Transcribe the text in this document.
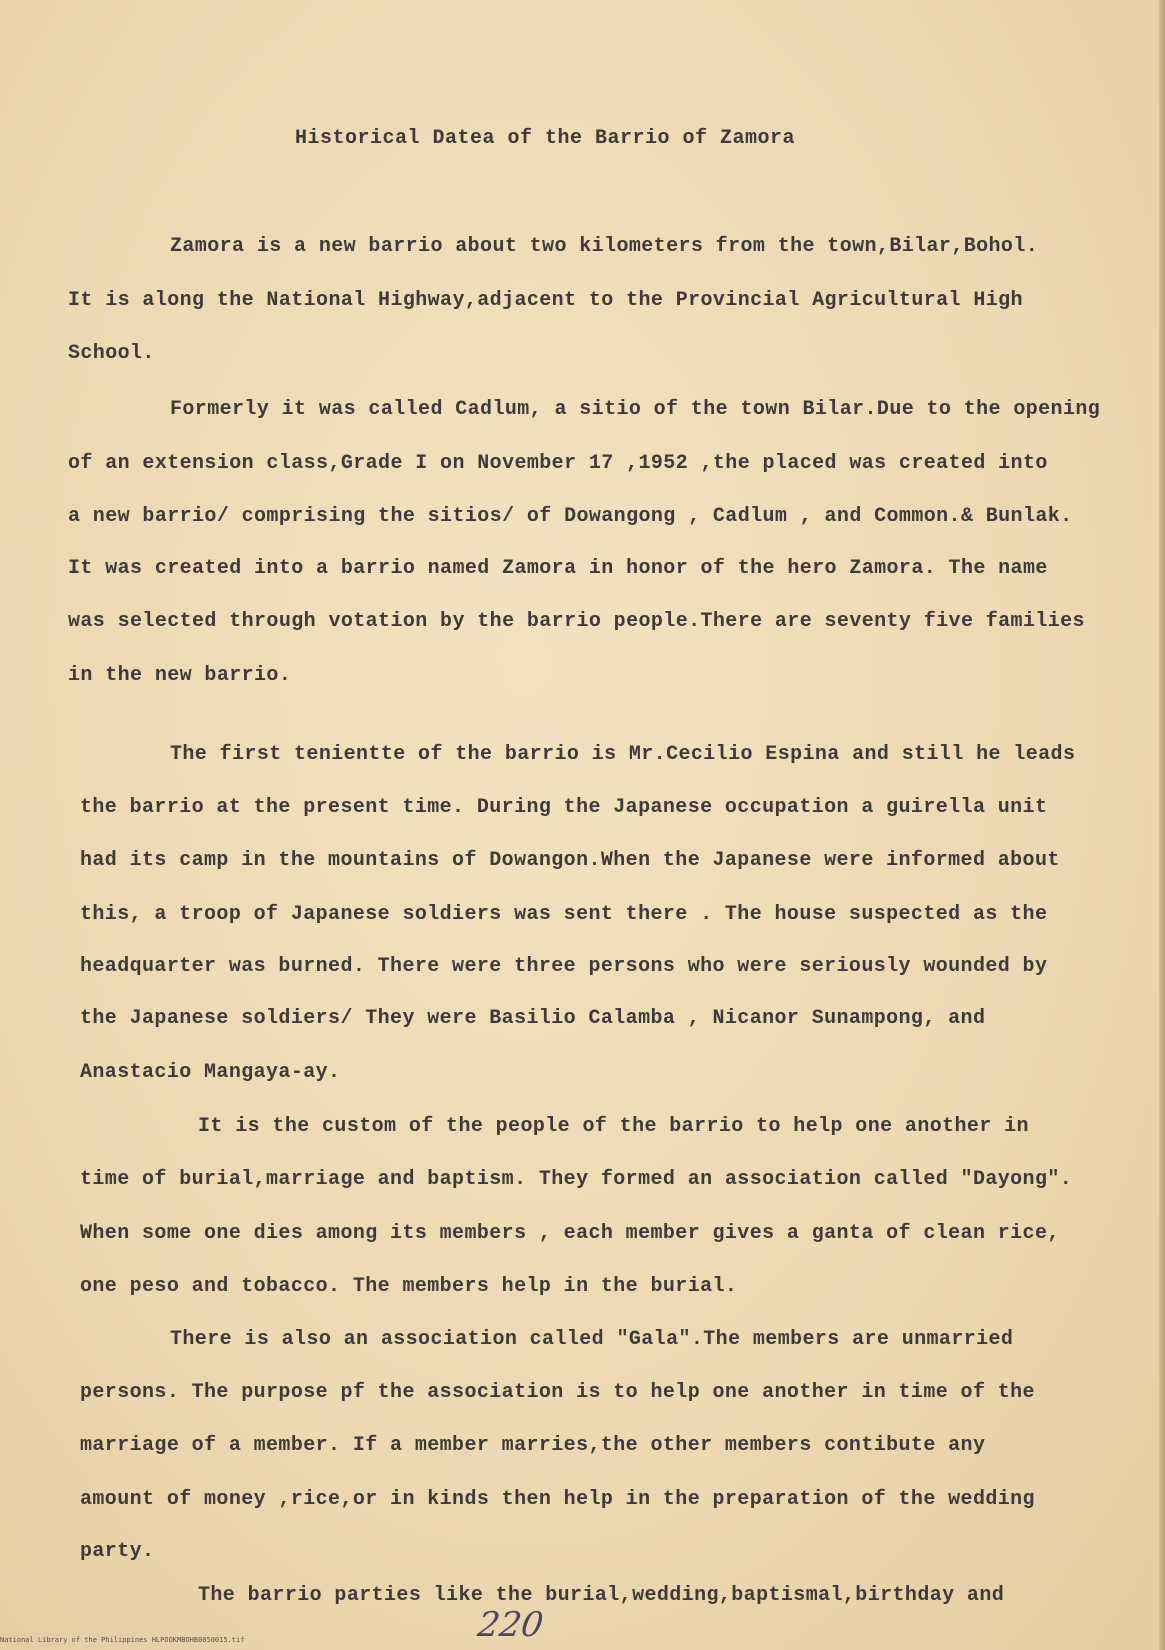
Historical Datea of the Barrio of Zamora
Zamora is a new barrio about two kilometers from the town,Bilar,Bohol.
It is along the National Highway,adjacent to the Provincial Agricultural High
School.
Formerly it was called Cadlum, a sitio of the town Bilar.Due to the opening
of an extension class,Grade I on November 17 ,1952 ,the placed was created into
a new barrio/ comprising the sitios/ of Dowangong , Cadlum , and Common.& Bunlak.
It was created into a barrio named Zamora in honor of the hero Zamora. The name
was selected through votation by the barrio people.There are seventy five families
in the new barrio.
The first tenientte of the barrio is Mr.Cecilio Espina and still he leads
the barrio at the present time. During the Japanese occupation a guirella unit
had its camp in the mountains of Dowangon.When the Japanese were informed about
this, a troop of Japanese soldiers was sent there . The house suspected as the
headquarter was burned. There were three persons who were seriously wounded by
the Japanese soldiers/ They were Basilio Calamba , Nicanor Sunampong, and
Anastacio Mangaya-ay.
It is the custom of the people of the barrio to help one another in
time of burial,marriage and baptism. They formed an association called "Dayong".
When some one dies among its members , each member gives a ganta of clean rice,
one peso and tobacco. The members help in the burial.
There is also an association called "Gala".The members are unmarried
persons. The purpose pf the association is to help one another in time of the
marriage of a member. If a member marries,the other members contibute any
amount of money ,rice,or in kinds then help in the preparation of the wedding
party.
The barrio parties like the burial,wedding,baptismal,birthday and
220
National Library of the Philippines HLPOOKMBOHB0050015.tif
